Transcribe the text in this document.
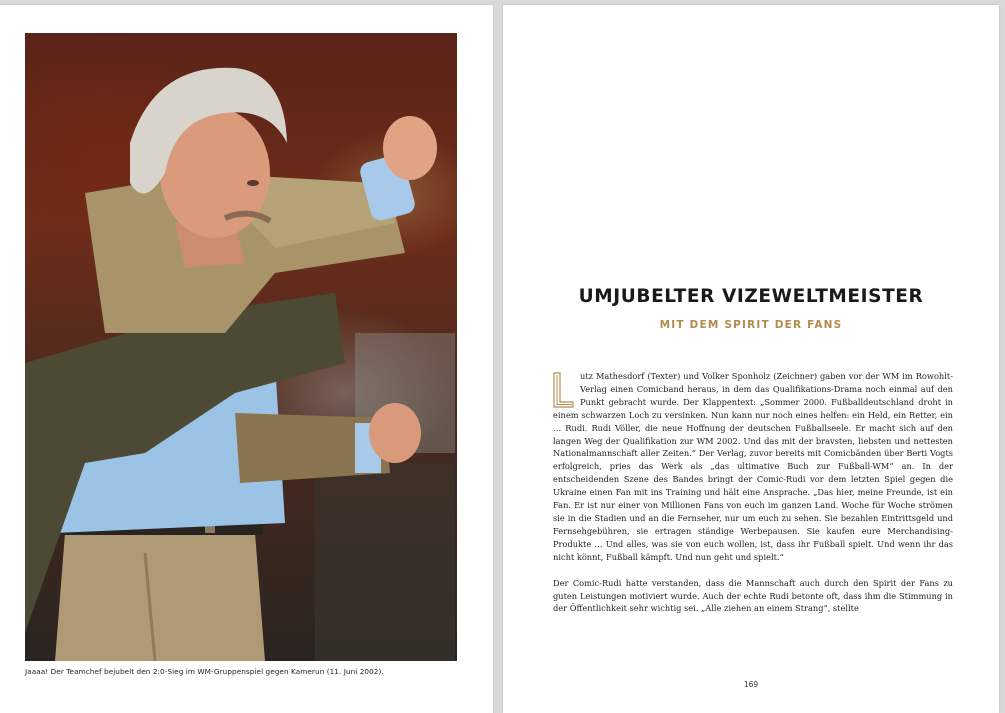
Jaaaa! Der Teamchef bejubelt den 2:0-Sieg im WM-Gruppenspiel gegen Kamerun (11. Juni 2002).
UMJUBELTER VIZEWELTMEISTER
MIT DEM SPIRIT DER FANS

utz Mathesdorf (Texter) und Volker Sponholz (Zeichner) gaben vor der WM im Rowohlt-Verlag einen Comicband heraus, in dem das Qualifikations-Drama noch einmal auf den Punkt gebracht wurde. Der Klappentext: „Sommer 2000. Fußballdeutschland droht in einem schwarzen Loch zu versinken. Nun kann nur noch eines helfen: ein Held, ein Retter, ein … Rudi. Rudi Völler, die neue Hoffnung der deutschen Fußballseele. Er macht sich auf den langen Weg der Qualifikation zur WM 2002. Und das mit der bravsten, liebsten und nettesten Nationalmannschaft aller Zeiten.“ Der Verlag, zuvor bereits mit Comicbänden über Berti Vogts erfolgreich, pries das Werk als „das ultimative Buch zur Fußball-WM“ an. In der entscheidenden Szene des Bandes bringt der Comic-Rudi vor dem letzten Spiel gegen die Ukraine einen Fan mit ins Training und hält eine Ansprache. „Das hier, meine Freunde, ist ein Fan. Er ist nur einer von Millionen Fans von euch im ganzen Land. Woche für Woche strömen sie in die Stadien und an die Fernseher, nur um euch zu sehen. Sie bezahlen Eintrittsgeld und Fernsehgebühren, sie ertragen ständige Werbepausen. Sie kaufen eure Merchandising-Produkte … Und alles, was sie von euch wollen, ist, dass ihr Fußball spielt. Und wenn ihr das nicht könnt, Fußball kämpft. Und nun geht und spielt.“

Der Comic-Rudi hatte verstanden, dass die Mannschaft auch durch den Spirit der Fans zu guten Leistungen motiviert wurde. Auch der echte Rudi betonte oft, dass ihm die Stimmung in der Öffentlichkeit sehr wichtig sei. „Alle ziehen an einem Strang“, stellte

169
